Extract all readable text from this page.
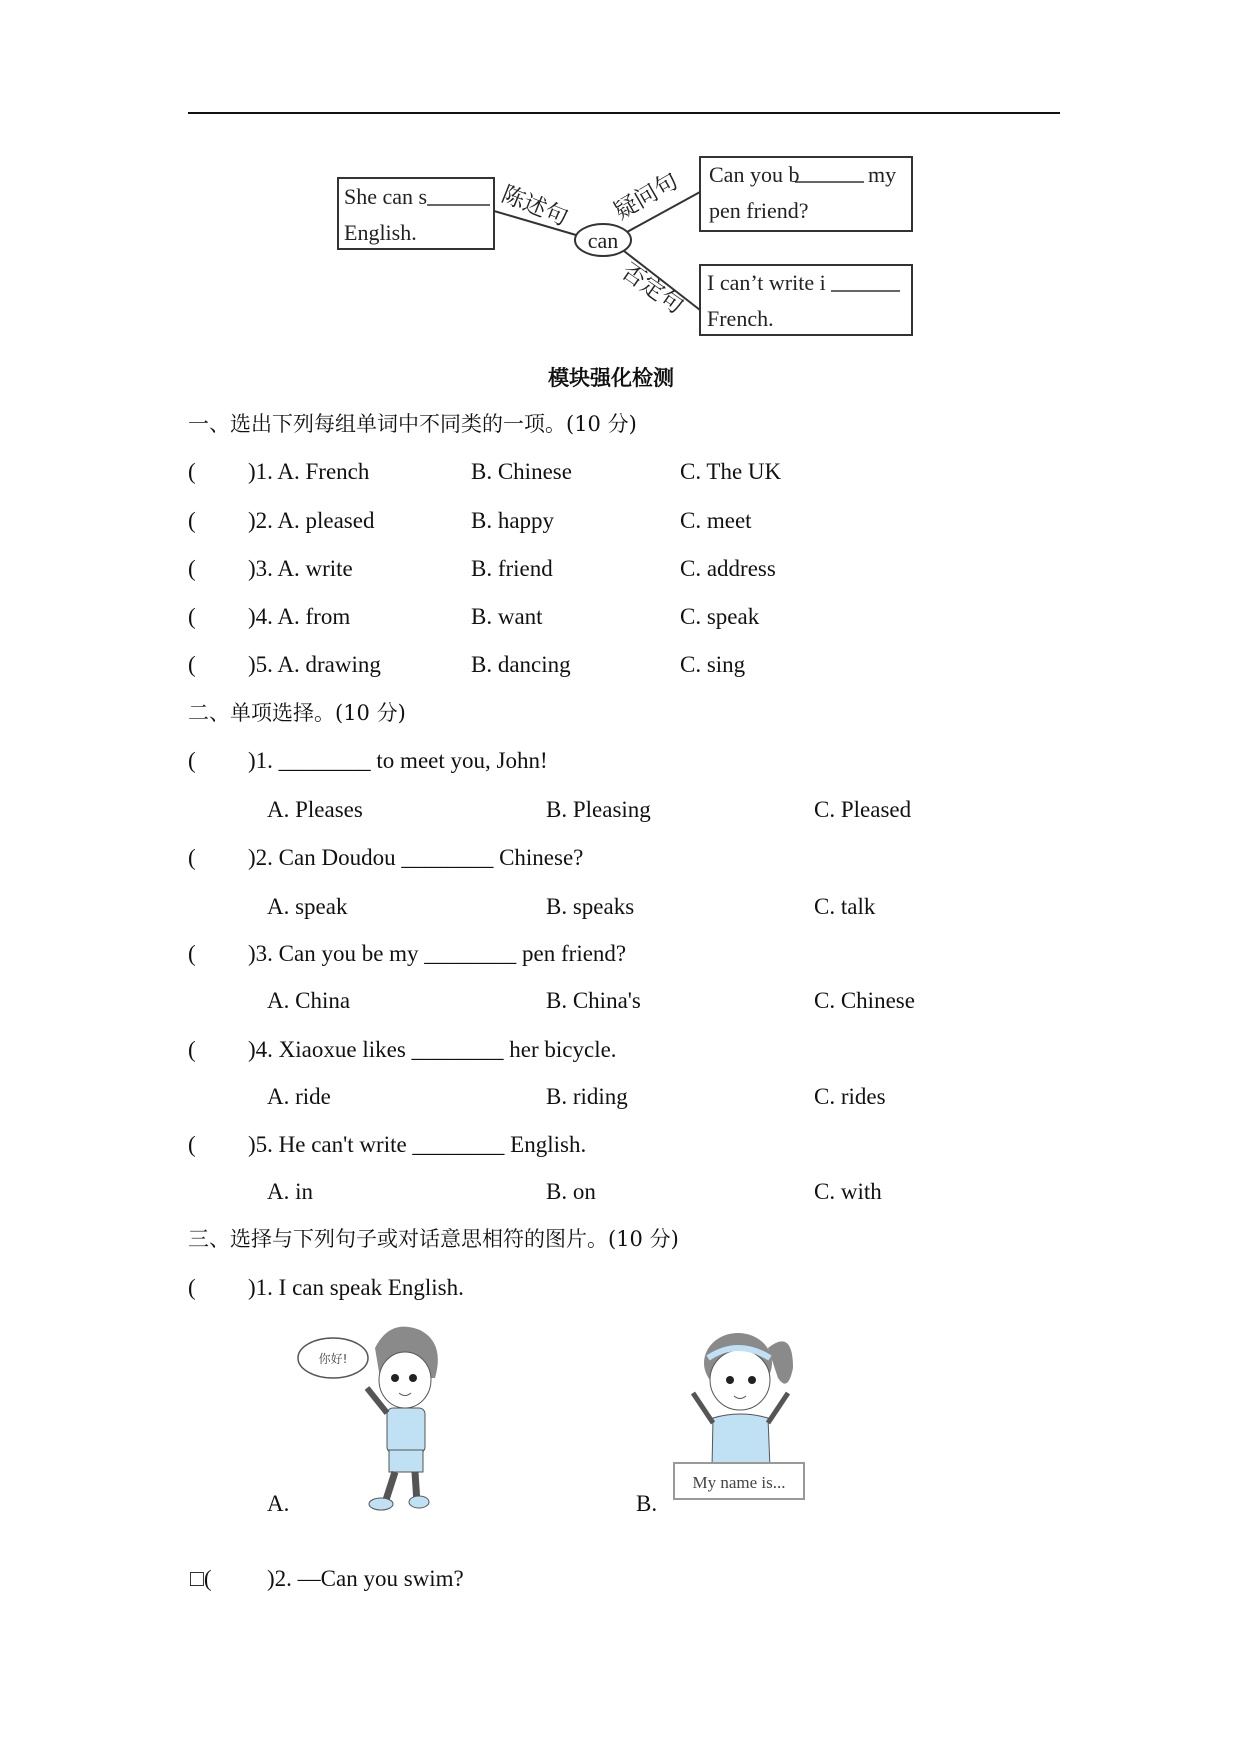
She can s
English.
Can you b	my
pen friend?
I can’t write i
French.
can
陈述句 疑问句
否定句
模块强化检测
一、选出下列每组单词中不同类的一项。(10 分)
( )1. A. French	B. Chinese	C. The UK
( )2. A. pleased	B. happy	C. meet
( )3. A. write	B. friend	C. address
( )4. A. from	B. want	C. speak
( )5. A. drawing	B. dancing	C. sing
二、单项选择。(10 分)
( )1. ________ to meet you, John!
A. Pleases	B. Pleasing	C. Pleased
( )2. Can Doudou ________ Chinese?
A. speak	B. speaks	C. talk
( )3. Can you be my ________ pen friend?
A. China	B. China's	C. Chinese
( )4. Xiaoxue likes ________ her bicycle.
A. ride	B. riding	C. rides
( )5. He can't write ________ English.
A. in	B. on	C. with
三、选择与下列句子或对话意思相符的图片。(10 分)
( )1. I can speak English.
A.
你好!
B.
My name is...
□( )2. —Can you swim?
